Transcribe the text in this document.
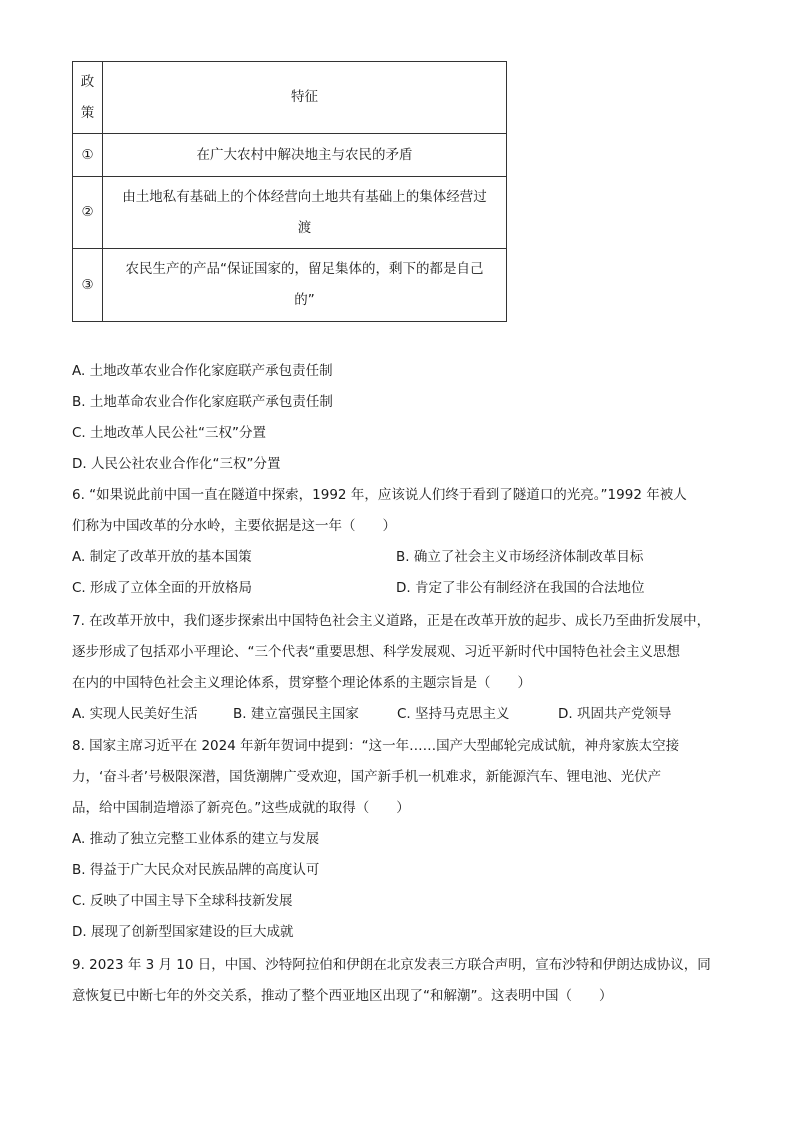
政
策	特征
①	在广大农村中解决地主与农民的矛盾

②	由土地私有基础上的个体经营向土地共有基础上的集体经营过
渡

③	农民生产的产品“保证国家的，留足集体的，剩下的都是自己
的”
A. 土地改革农业合作化家庭联产承包责任制
B. 土地革命农业合作化家庭联产承包责任制
C. 土地改革人民公社“三权”分置
D. 人民公社农业合作化“三权”分置
6. “如果说此前中国一直在隧道中探索，1992 年，应该说人们终于看到了隧道口的光亮。”1992 年被人
们称为中国改革的分水岭，主要依据是这一年（　　）
A. 制定了改革开放的基本国策	B. 确立了社会主义市场经济体制改革目标
C. 形成了立体全面的开放格局	D. 肯定了非公有制经济在我国的合法地位
7. 在改革开放中，我们逐步探索出中国特色社会主义道路，正是在改革开放的起步、成长乃至曲折发展中，
逐步形成了包括邓小平理论、“三个代表“重要思想、科学发展观、习近平新时代中国特色社会主义思想
在内的中国特色社会主义理论体系，贯穿整个理论体系的主题宗旨是（　　）
A. 实现人民美好生活	B. 建立富强民主国家	C. 坚持马克思主义	D. 巩固共产党领导
8. 国家主席习近平在 2024 年新年贺词中提到：“这一年……国产大型邮轮完成试航，神舟家族太空接
力，‘奋斗者’号极限深潜，国货潮牌广受欢迎，国产新手机一机难求，新能源汽车、锂电池、光伏产
品，给中国制造增添了新亮色。”这些成就的取得（　　）
A. 推动了独立完整工业体系的建立与发展
B. 得益于广大民众对民族品牌的高度认可
C. 反映了中国主导下全球科技新发展
D. 展现了创新型国家建设的巨大成就
9. 2023 年 3 月 10 日，中国、沙特阿拉伯和伊朗在北京发表三方联合声明，宣布沙特和伊朗达成协议，同
意恢复已中断七年的外交关系，推动了整个西亚地区出现了“和解潮”。这表明中国（　　）
